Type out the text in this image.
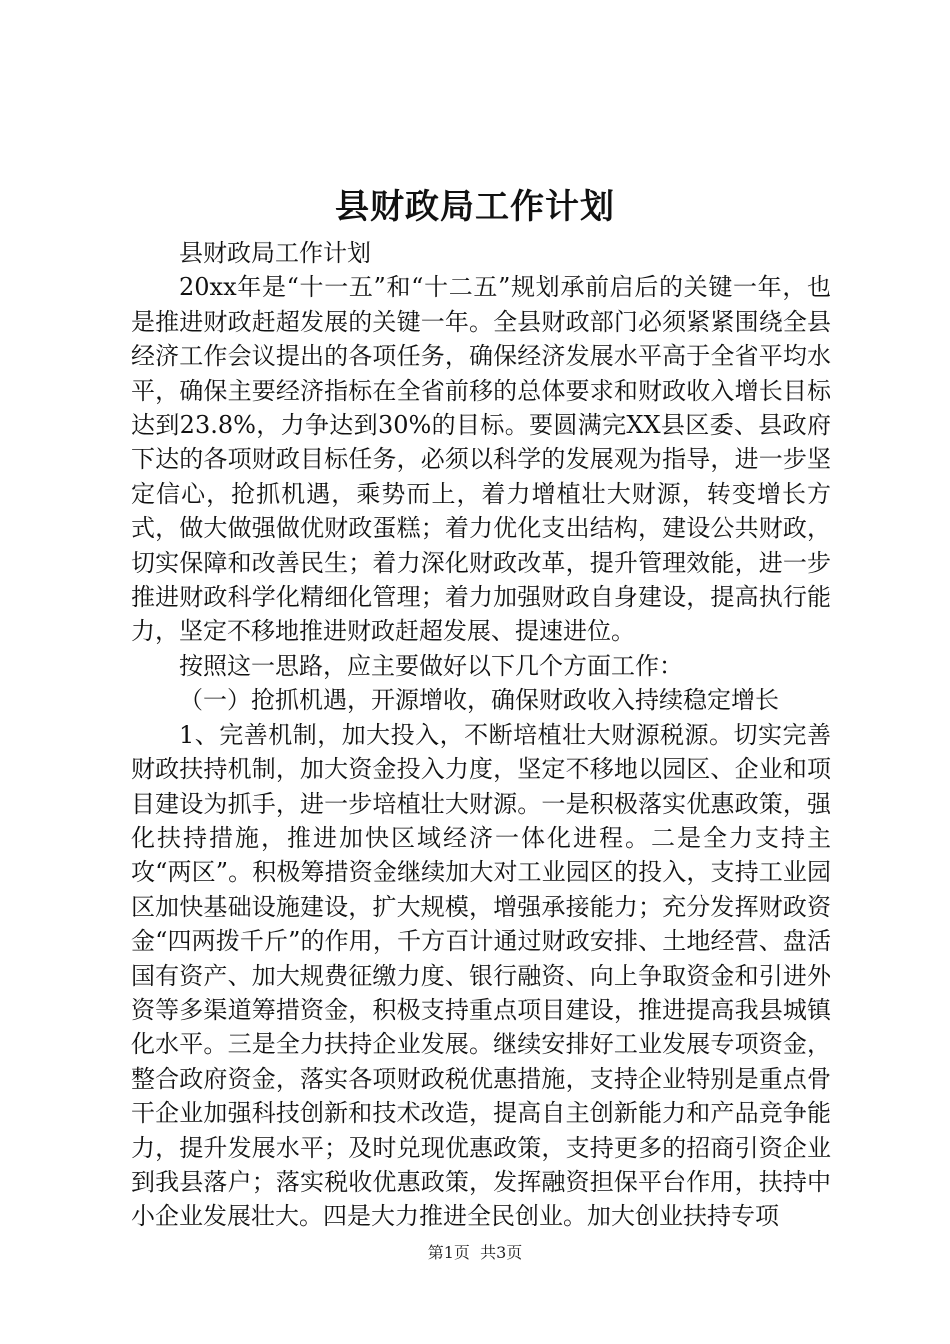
县财政局工作计划

县财政局工作计划

20xx年是“十一五”和“十二五”规划承前启后的关键一年，也是推进财政赶超发展的关键一年。全县财政部门必须紧紧围绕全县经济工作会议提出的各项任务，确保经济发展水平高于全省平均水平，确保主要经济指标在全省前移的总体要求和财政收入增长目标达到23.8%，力争达到30%的目标。要圆满完XX县区委、县政府下达的各项财政目标任务，必须以科学的发展观为指导，进一步坚定信心，抢抓机遇，乘势而上，着力增植壮大财源，转变增长方式，做大做强做优财政蛋糕；着力优化支出结构，建设公共财政，切实保障和改善民生；着力深化财政改革，提升管理效能，进一步推进财政科学化精细化管理；着力加强财政自身建设，提高执行能力，坚定不移地推进财政赶超发展、提速进位。

按照这一思路，应主要做好以下几个方面工作：

（一）抢抓机遇，开源增收，确保财政收入持续稳定增长

1、完善机制，加大投入，不断培植壮大财源税源。切实完善财政扶持机制，加大资金投入力度，坚定不移地以园区、企业和项目建设为抓手，进一步培植壮大财源。一是积极落实优惠政策，强化扶持措施，推进加快区域经济一体化进程。二是全力支持主攻“两区”。积极筹措资金继续加大对工业园区的投入，支持工业园区加快基础设施建设，扩大规模，增强承接能力；充分发挥财政资金“四两拨千斤”的作用，千方百计通过财政安排、土地经营、盘活国有资产、加大规费征缴力度、银行融资、向上争取资金和引进外资等多渠道筹措资金，积极支持重点项目建设，推进提高我县城镇化水平。三是全力扶持企业发展。继续安排好工业发展专项资金，整合政府资金，落实各项财政税优惠措施，支持企业特别是重点骨干企业加强科技创新和技术改造，提高自主创新能力和产品竞争能力，提升发展水平；及时兑现优惠政策，支持更多的招商引资企业到我县落户；落实税收优惠政策，发挥融资担保平台作用，扶持中小企业发展壮大。四是大力推进全民创业。加大创业扶持专项

第1页  共3页
